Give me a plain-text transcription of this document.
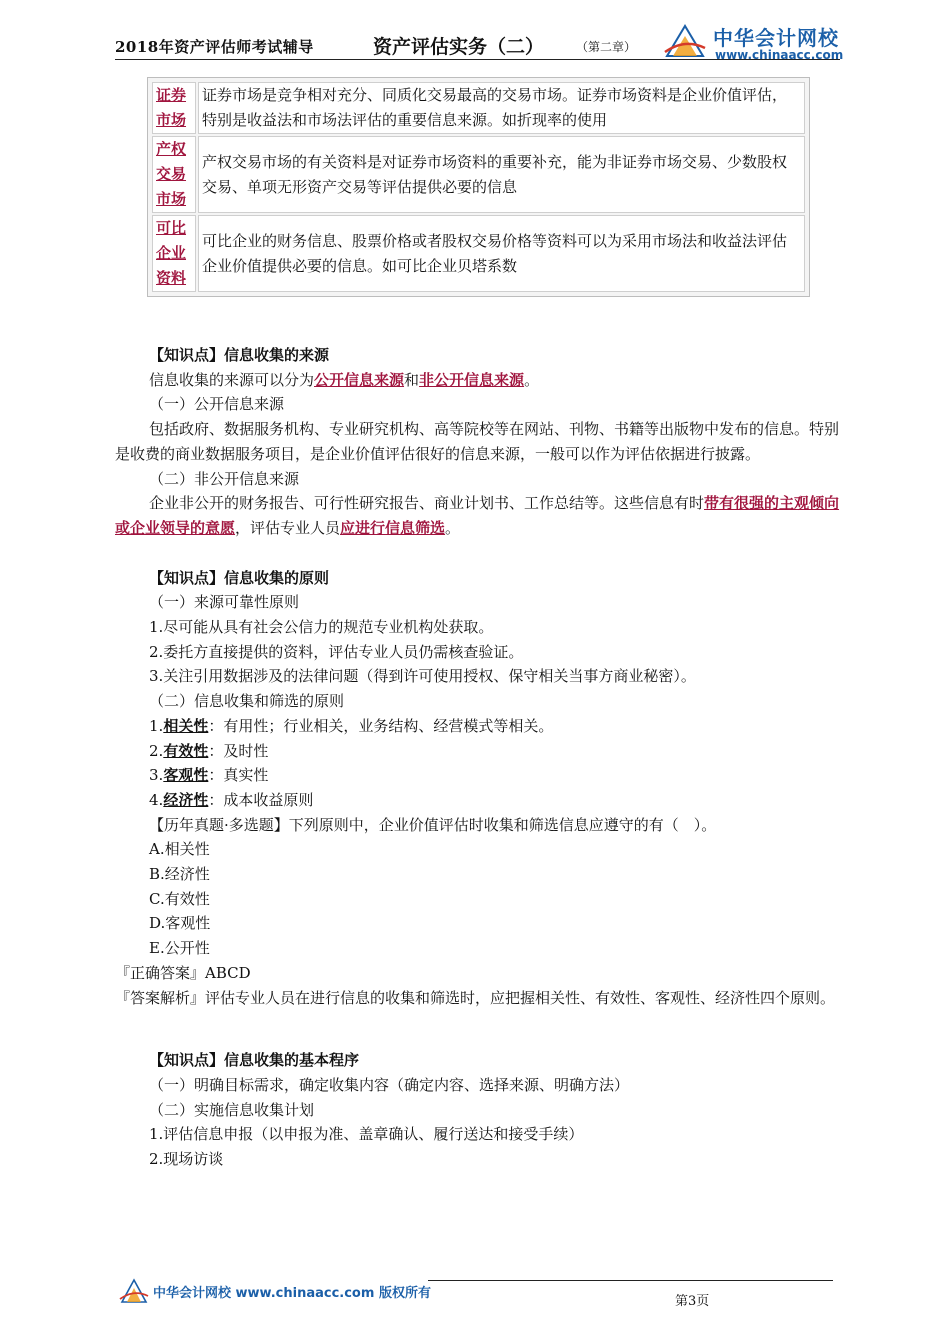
2018年资产评估师考试辅导	资产评估实务（二）	（第二章）	中华会计网校
www.chinaacc.com
证券市场	证券市场是竞争相对充分、同质化交易最高的交易市场。证券市场资料是企业价值评估，特别是收益法和市场法评估的重要信息来源。如折现率的使用
产权交易市场	产权交易市场的有关资料是对证券市场资料的重要补充，能为非证券市场交易、少数股权交易、单项无形资产交易等评估提供必要的信息
可比企业资料	可比企业的财务信息、股票价格或者股权交易价格等资料可以为采用市场法和收益法评估企业价值提供必要的信息。如可比企业贝塔系数

【知识点】信息收集的来源

信息收集的来源可以分为公开信息来源和非公开信息来源。

（一）公开信息来源

包括政府、数据服务机构、专业研究机构、高等院校等在网站、刊物、书籍等出版物中发布的信息。特别是收费的商业数据服务项目，是企业价值评估很好的信息来源，一般可以作为评估依据进行披露。

（二）非公开信息来源

企业非公开的财务报告、可行性研究报告、商业计划书、工作总结等。这些信息有时带有很强的主观倾向或企业领导的意愿，评估专业人员应进行信息筛选。

【知识点】信息收集的原则

（一）来源可靠性原则

1.尽可能从具有社会公信力的规范专业机构处获取。

2.委托方直接提供的资料，评估专业人员仍需核查验证。

3.关注引用数据涉及的法律问题（得到许可使用授权、保守相关当事方商业秘密）。

（二）信息收集和筛选的原则

1.相关性：有用性；行业相关，业务结构、经营模式等相关。

2.有效性：及时性

3.客观性：真实性

4.经济性：成本收益原则

【历年真题·多选题】下列原则中，企业价值评估时收集和筛选信息应遵守的有（　）。

A.相关性

B.经济性

C.有效性

D.客观性

E.公开性

『正确答案』ABCD

『答案解析』评估专业人员在进行信息的收集和筛选时，应把握相关性、有效性、客观性、经济性四个原则。

【知识点】信息收集的基本程序

（一）明确目标需求，确定收集内容（确定内容、选择来源、明确方法）

（二）实施信息收集计划

1.评估信息申报（以申报为准、盖章确认、履行送达和接受手续）

2.现场访谈

中华会计网校 www.chinaacc.com 版权所有
第3页
